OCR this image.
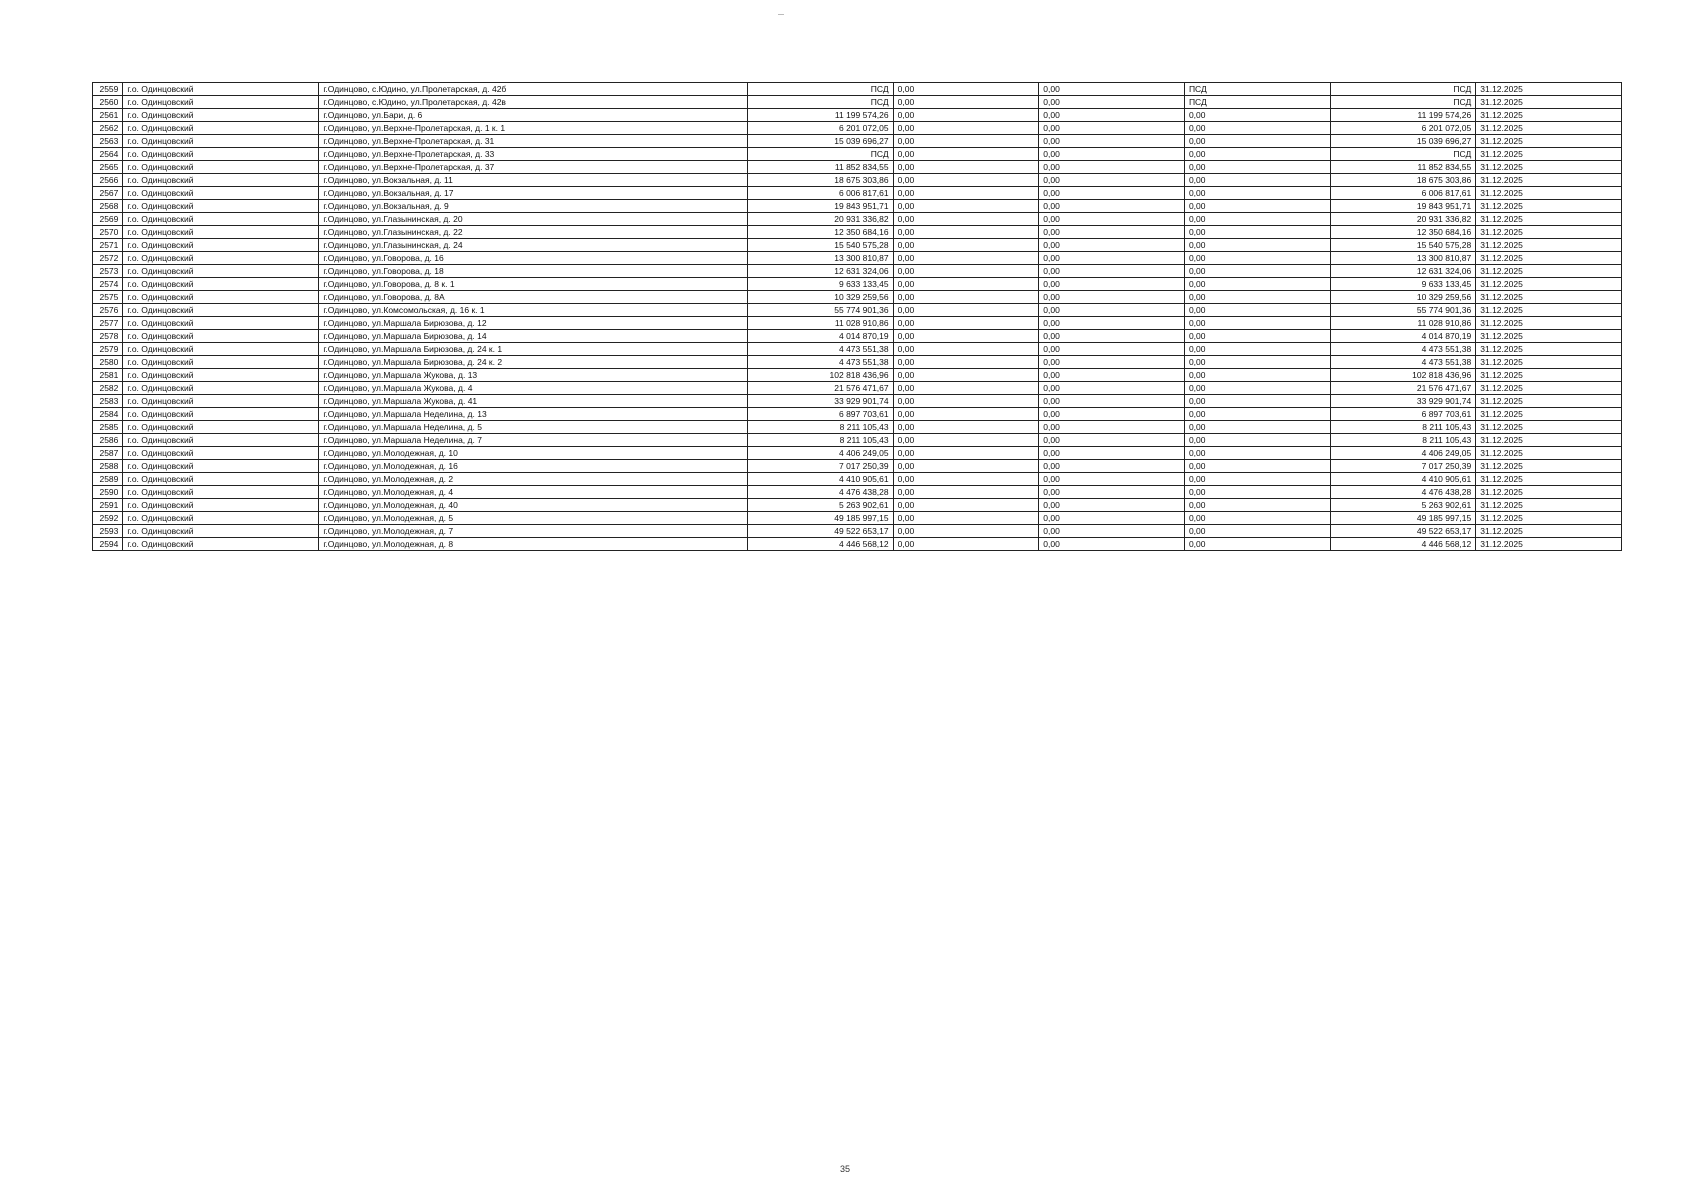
2559	г.о. Одинцовский	г.Одинцово, с.Юдино, ул.Пролетарская, д. 42б	ПСД	0,00	0,00	ПСД	ПСД	31.12.2025
2560	г.о. Одинцовский	г.Одинцово, с.Юдино, ул.Пролетарская, д. 42в	ПСД	0,00	0,00	ПСД	ПСД	31.12.2025
2561	г.о. Одинцовский	г.Одинцово, ул.Бари, д. 6	11 199 574,26	0,00	0,00	0,00	11 199 574,26	31.12.2025
2562	г.о. Одинцовский	г.Одинцово, ул.Верхне-Пролетарская, д. 1 к. 1	6 201 072,05	0,00	0,00	0,00	6 201 072,05	31.12.2025
2563	г.о. Одинцовский	г.Одинцово, ул.Верхне-Пролетарская, д. 31	15 039 696,27	0,00	0,00	0,00	15 039 696,27	31.12.2025
2564	г.о. Одинцовский	г.Одинцово, ул.Верхне-Пролетарская, д. 33	ПСД	0,00	0,00	0,00	ПСД	31.12.2025
2565	г.о. Одинцовский	г.Одинцово, ул.Верхне-Пролетарская, д. 37	11 852 834,55	0,00	0,00	0,00	11 852 834,55	31.12.2025
2566	г.о. Одинцовский	г.Одинцово, ул.Вокзальная, д. 11	18 675 303,86	0,00	0,00	0,00	18 675 303,86	31.12.2025
2567	г.о. Одинцовский	г.Одинцово, ул.Вокзальная, д. 17	6 006 817,61	0,00	0,00	0,00	6 006 817,61	31.12.2025
2568	г.о. Одинцовский	г.Одинцово, ул.Вокзальная, д. 9	19 843 951,71	0,00	0,00	0,00	19 843 951,71	31.12.2025
2569	г.о. Одинцовский	г.Одинцово, ул.Глазынинская, д. 20	20 931 336,82	0,00	0,00	0,00	20 931 336,82	31.12.2025
2570	г.о. Одинцовский	г.Одинцово, ул.Глазынинская, д. 22	12 350 684,16	0,00	0,00	0,00	12 350 684,16	31.12.2025
2571	г.о. Одинцовский	г.Одинцово, ул.Глазынинская, д. 24	15 540 575,28	0,00	0,00	0,00	15 540 575,28	31.12.2025
2572	г.о. Одинцовский	г.Одинцово, ул.Говорова, д. 16	13 300 810,87	0,00	0,00	0,00	13 300 810,87	31.12.2025
2573	г.о. Одинцовский	г.Одинцово, ул.Говорова, д. 18	12 631 324,06	0,00	0,00	0,00	12 631 324,06	31.12.2025
2574	г.о. Одинцовский	г.Одинцово, ул.Говорова, д. 8 к. 1	9 633 133,45	0,00	0,00	0,00	9 633 133,45	31.12.2025
2575	г.о. Одинцовский	г.Одинцово, ул.Говорова, д. 8А	10 329 259,56	0,00	0,00	0,00	10 329 259,56	31.12.2025
2576	г.о. Одинцовский	г.Одинцово, ул.Комсомольская, д. 16 к. 1	55 774 901,36	0,00	0,00	0,00	55 774 901,36	31.12.2025
2577	г.о. Одинцовский	г.Одинцово, ул.Маршала Бирюзова, д. 12	11 028 910,86	0,00	0,00	0,00	11 028 910,86	31.12.2025
2578	г.о. Одинцовский	г.Одинцово, ул.Маршала Бирюзова, д. 14	4 014 870,19	0,00	0,00	0,00	4 014 870,19	31.12.2025
2579	г.о. Одинцовский	г.Одинцово, ул.Маршала Бирюзова, д. 24 к. 1	4 473 551,38	0,00	0,00	0,00	4 473 551,38	31.12.2025
2580	г.о. Одинцовский	г.Одинцово, ул.Маршала Бирюзова, д. 24 к. 2	4 473 551,38	0,00	0,00	0,00	4 473 551,38	31.12.2025
2581	г.о. Одинцовский	г.Одинцово, ул.Маршала Жукова, д. 13	102 818 436,96	0,00	0,00	0,00	102 818 436,96	31.12.2025
2582	г.о. Одинцовский	г.Одинцово, ул.Маршала Жукова, д. 4	21 576 471,67	0,00	0,00	0,00	21 576 471,67	31.12.2025
2583	г.о. Одинцовский	г.Одинцово, ул.Маршала Жукова, д. 41	33 929 901,74	0,00	0,00	0,00	33 929 901,74	31.12.2025
2584	г.о. Одинцовский	г.Одинцово, ул.Маршала Неделина, д. 13	6 897 703,61	0,00	0,00	0,00	6 897 703,61	31.12.2025
2585	г.о. Одинцовский	г.Одинцово, ул.Маршала Неделина, д. 5	8 211 105,43	0,00	0,00	0,00	8 211 105,43	31.12.2025
2586	г.о. Одинцовский	г.Одинцово, ул.Маршала Неделина, д. 7	8 211 105,43	0,00	0,00	0,00	8 211 105,43	31.12.2025
2587	г.о. Одинцовский	г.Одинцово, ул.Молодежная, д. 10	4 406 249,05	0,00	0,00	0,00	4 406 249,05	31.12.2025
2588	г.о. Одинцовский	г.Одинцово, ул.Молодежная, д. 16	7 017 250,39	0,00	0,00	0,00	7 017 250,39	31.12.2025
2589	г.о. Одинцовский	г.Одинцово, ул.Молодежная, д. 2	4 410 905,61	0,00	0,00	0,00	4 410 905,61	31.12.2025
2590	г.о. Одинцовский	г.Одинцово, ул.Молодежная, д. 4	4 476 438,28	0,00	0,00	0,00	4 476 438,28	31.12.2025
2591	г.о. Одинцовский	г.Одинцово, ул.Молодежная, д. 40	5 263 902,61	0,00	0,00	0,00	5 263 902,61	31.12.2025
2592	г.о. Одинцовский	г.Одинцово, ул.Молодежная, д. 5	49 185 997,15	0,00	0,00	0,00	49 185 997,15	31.12.2025
2593	г.о. Одинцовский	г.Одинцово, ул.Молодежная, д. 7	49 522 653,17	0,00	0,00	0,00	49 522 653,17	31.12.2025
2594	г.о. Одинцовский	г.Одинцово, ул.Молодежная, д. 8	4 446 568,12	0,00	0,00	0,00	4 446 568,12	31.12.2025
35
